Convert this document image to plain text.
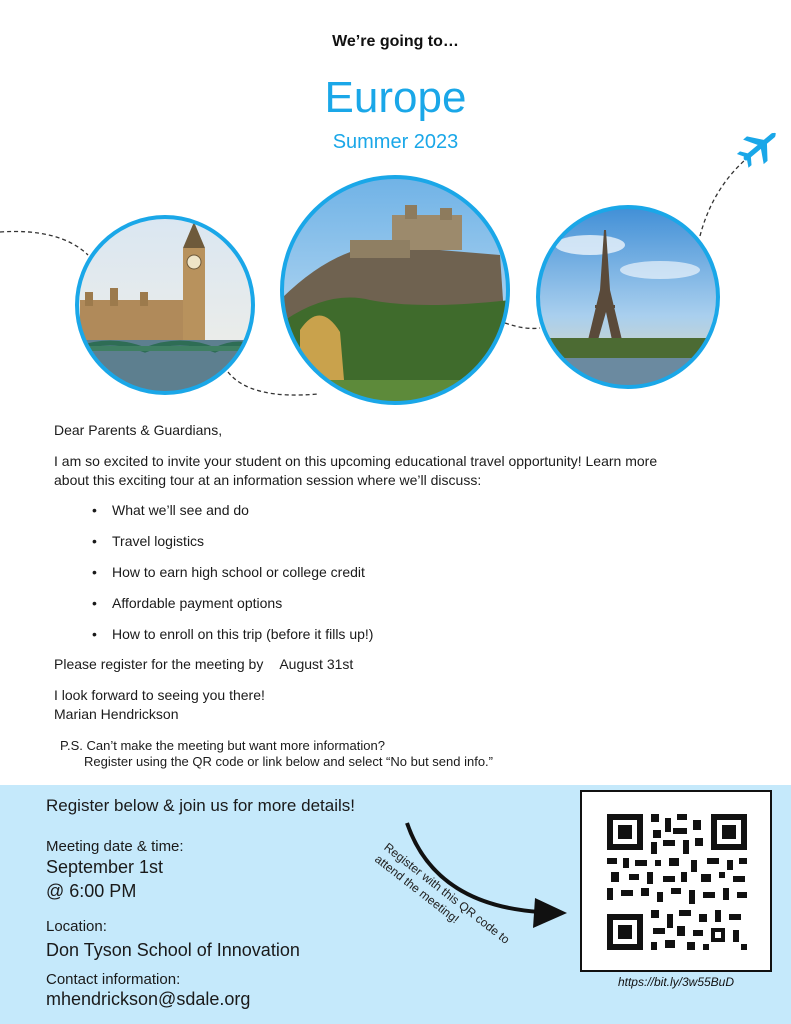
We’re going to…
Europe
Summer 2023
Dear Parents & Guardians,
I am so excited to invite your student on this upcoming educational travel opportunity! Learn more
about this exciting tour at an information session where we’ll discuss:
• What we’ll see and do
• Travel logistics
• How to earn high school or college credit
• Affordable payment options
• How to enroll on this trip (before it fills up!)
Please register for the meeting by August 31st
I look forward to seeing you there!
Marian Hendrickson
P.S. Can’t make the meeting but want more information?
Register using the QR code or link below and select “No but send info.”
Register below & join us for more details!
Meeting date & time:
September 1st
@ 6:00 PM
Location:
Don Tyson School of Innovation
Contact information:
mhendrickson@sdale.org
Register with this QR code to attend the meeting!
https://bit.ly/3w55BuD
